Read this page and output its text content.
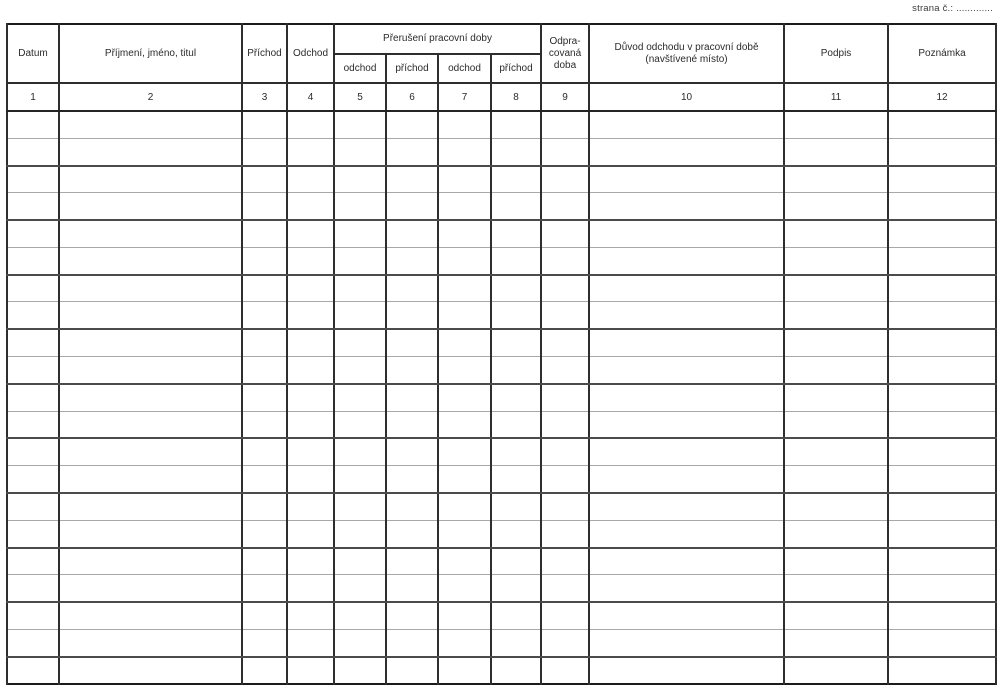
strana č.: .............
Datum	Příjmení, jméno, titul	Příchod	Odchod	Přerušení pracovní doby				Odpra-
covaná
doba	Důvod odchodu v pracovní době
(navštívené místo)	Podpis	Poznámka
				odchod	příchod	odchod	příchod				
1	2	3	4	5	6	7	8	9	10	11	12
